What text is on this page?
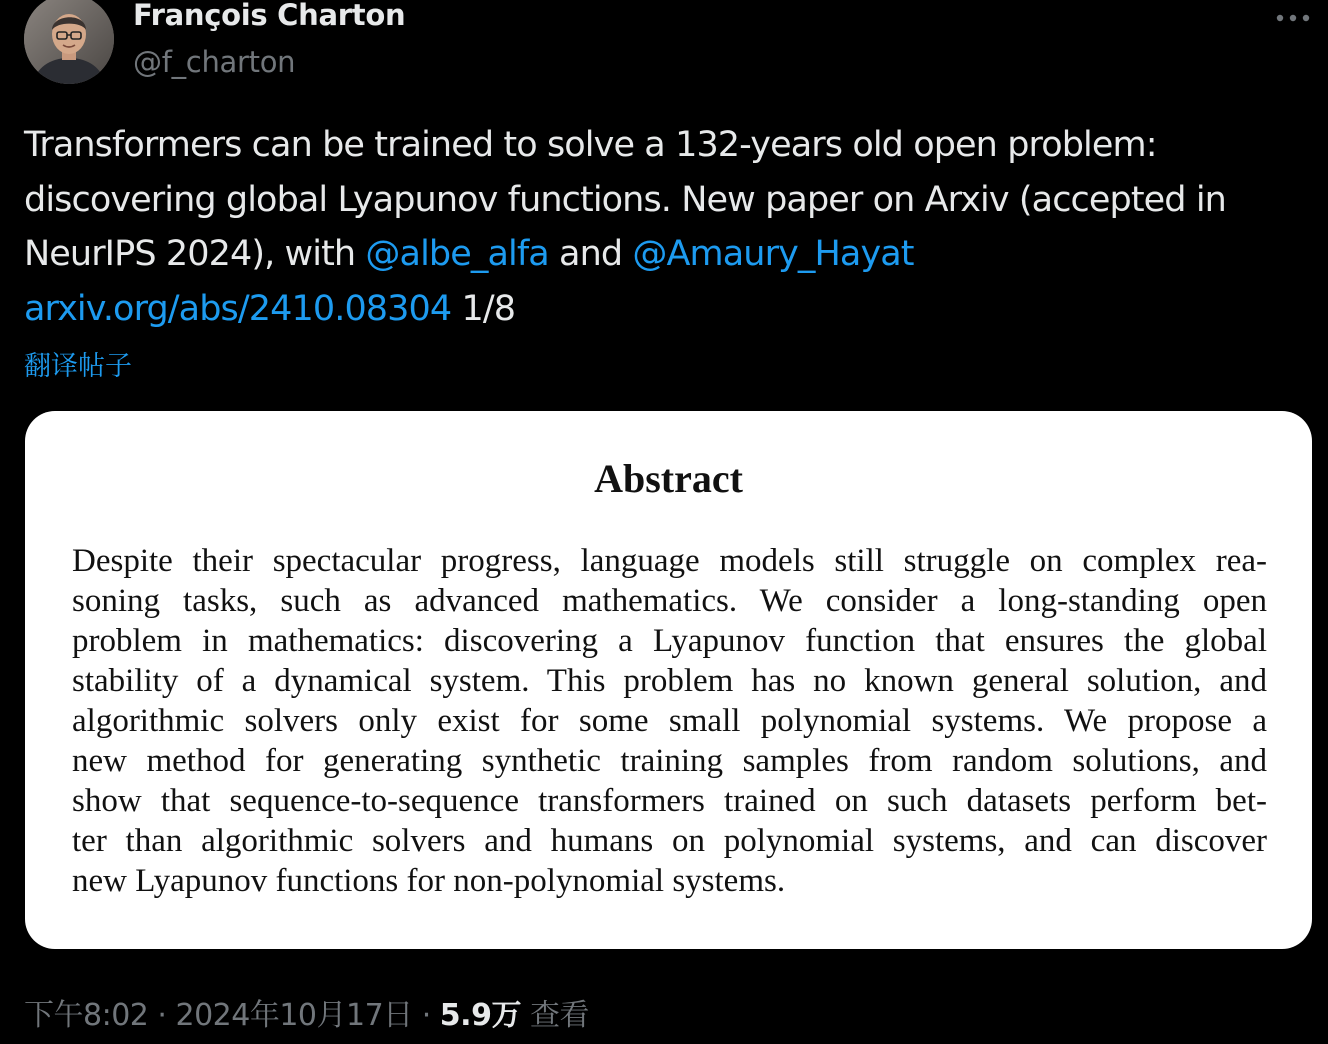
François Charton
@f_charton
Transformers can be trained to solve a 132-years old open problem:
discovering global Lyapunov functions. New paper on Arxiv (accepted in
NeurIPS 2024), with @albe_alfa and @Amaury_Hayat
arxiv.org/abs/2410.08304 1/8
翻译帖子
Abstract
Despite their spectacular progress, language models still struggle on complex rea-
soning tasks, such as advanced mathematics. We consider a long-standing open
problem in mathematics: discovering a Lyapunov function that ensures the global
stability of a dynamical system. This problem has no known general solution, and
algorithmic solvers only exist for some small polynomial systems. We propose a
new method for generating synthetic training samples from random solutions, and
show that sequence-to-sequence transformers trained on such datasets perform bet-
ter than algorithmic solvers and humans on polynomial systems, and can discover
new Lyapunov functions for non-polynomial systems.
下午8:02 · 2024年10月17日 · 5.9万 查看
